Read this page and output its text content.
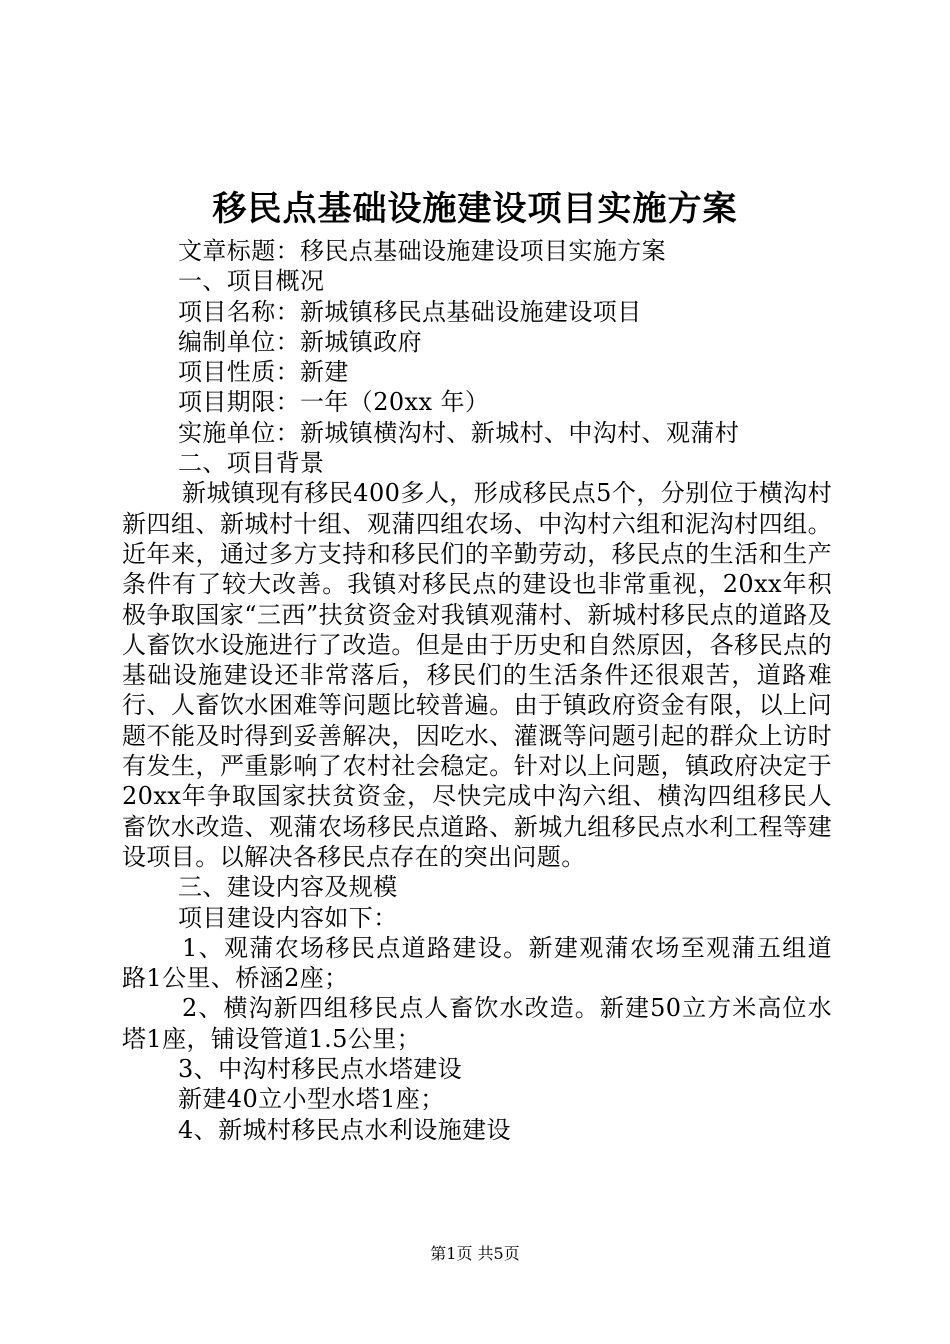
移民点基础设施建设项目实施方案

文章标题：移民点基础设施建设项目实施方案

一、项目概况

项目名称：新城镇移民点基础设施建设项目

编制单位：新城镇政府

项目性质：新建

项目期限：一年（20xx 年）

实施单位：新城镇横沟村、新城村、中沟村、观蒲村

二、项目背景

新城镇现有移民400多人，形成移民点5个，分别位于横沟村新四组、新城村十组、观蒲四组农场、中沟村六组和泥沟村四组。近年来，通过多方支持和移民们的辛勤劳动，移民点的生活和生产条件有了较大改善。我镇对移民点的建设也非常重视，20xx年积极争取国家“三西”扶贫资金对我镇观蒲村、新城村移民点的道路及人畜饮水设施进行了改造。但是由于历史和自然原因，各移民点的基础设施建设还非常落后，移民们的生活条件还很艰苦，道路难行、人畜饮水困难等问题比较普遍。由于镇政府资金有限，以上问题不能及时得到妥善解决，因吃水、灌溉等问题引起的群众上访时有发生，严重影响了农村社会稳定。针对以上问题，镇政府决定于20xx年争取国家扶贫资金，尽快完成中沟六组、横沟四组移民人畜饮水改造、观蒲农场移民点道路、新城九组移民点水利工程等建设项目。以解决各移民点存在的突出问题。

三、建设内容及规模

项目建设内容如下：

1、观蒲农场移民点道路建设。新建观蒲农场至观蒲五组道路1公里、桥涵2座；

2、横沟新四组移民点人畜饮水改造。新建50立方米高位水塔1座，铺设管道1.5公里；

3、中沟村移民点水塔建设

新建40立小型水塔1座；

4、新城村移民点水利设施建设

第1页 共5页
